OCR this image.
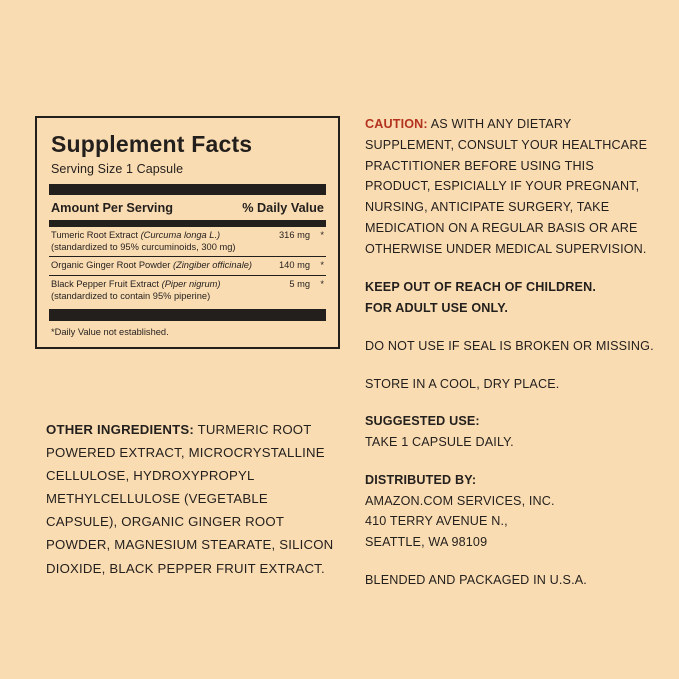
Supplement Facts
Serving Size 1 Capsule
Amount Per Serving	% Daily Value
Tumeric Root Extract (Curcuma longa L.)
(standardized to 95% curcuminoids, 300 mg)	316 mg	*
Organic Ginger Root Powder (Zingiber officinale)	140 mg	*
Black Pepper Fruit Extract (Piper nigrum)
(standardized to contain 95% piperine)	5 mg	*
*Daily Value not established.
OTHER INGREDIENTS: TURMERIC ROOT POWERED EXTRACT, MICROCRYSTALLINE CELLULOSE, HYDROXYPROPYL METHYLCELLULOSE (VEGETABLE CAPSULE), ORGANIC GINGER ROOT POWDER, MAGNESIUM STEARATE, SILICON DIOXIDE, BLACK PEPPER FRUIT EXTRACT.
CAUTION: AS WITH ANY DIETARY SUPPLEMENT, CONSULT YOUR HEALTHCARE PRACTITIONER BEFORE USING THIS PRODUCT, ESPICIALLY IF YOUR PREGNANT, NURSING, ANTICIPATE SURGERY, TAKE MEDICATION ON A REGULAR BASIS OR ARE OTHERWISE UNDER MEDICAL SUPERVISION.
KEEP OUT OF REACH OF CHILDREN.
FOR ADULT USE ONLY.
DO NOT USE IF SEAL IS BROKEN OR MISSING.
STORE IN A COOL, DRY PLACE.
SUGGESTED USE:
TAKE 1 CAPSULE DAILY.
DISTRIBUTED BY:
AMAZON.COM SERVICES, INC.
410 TERRY AVENUE N.,
SEATTLE, WA 98109
BLENDED AND PACKAGED IN U.S.A.
